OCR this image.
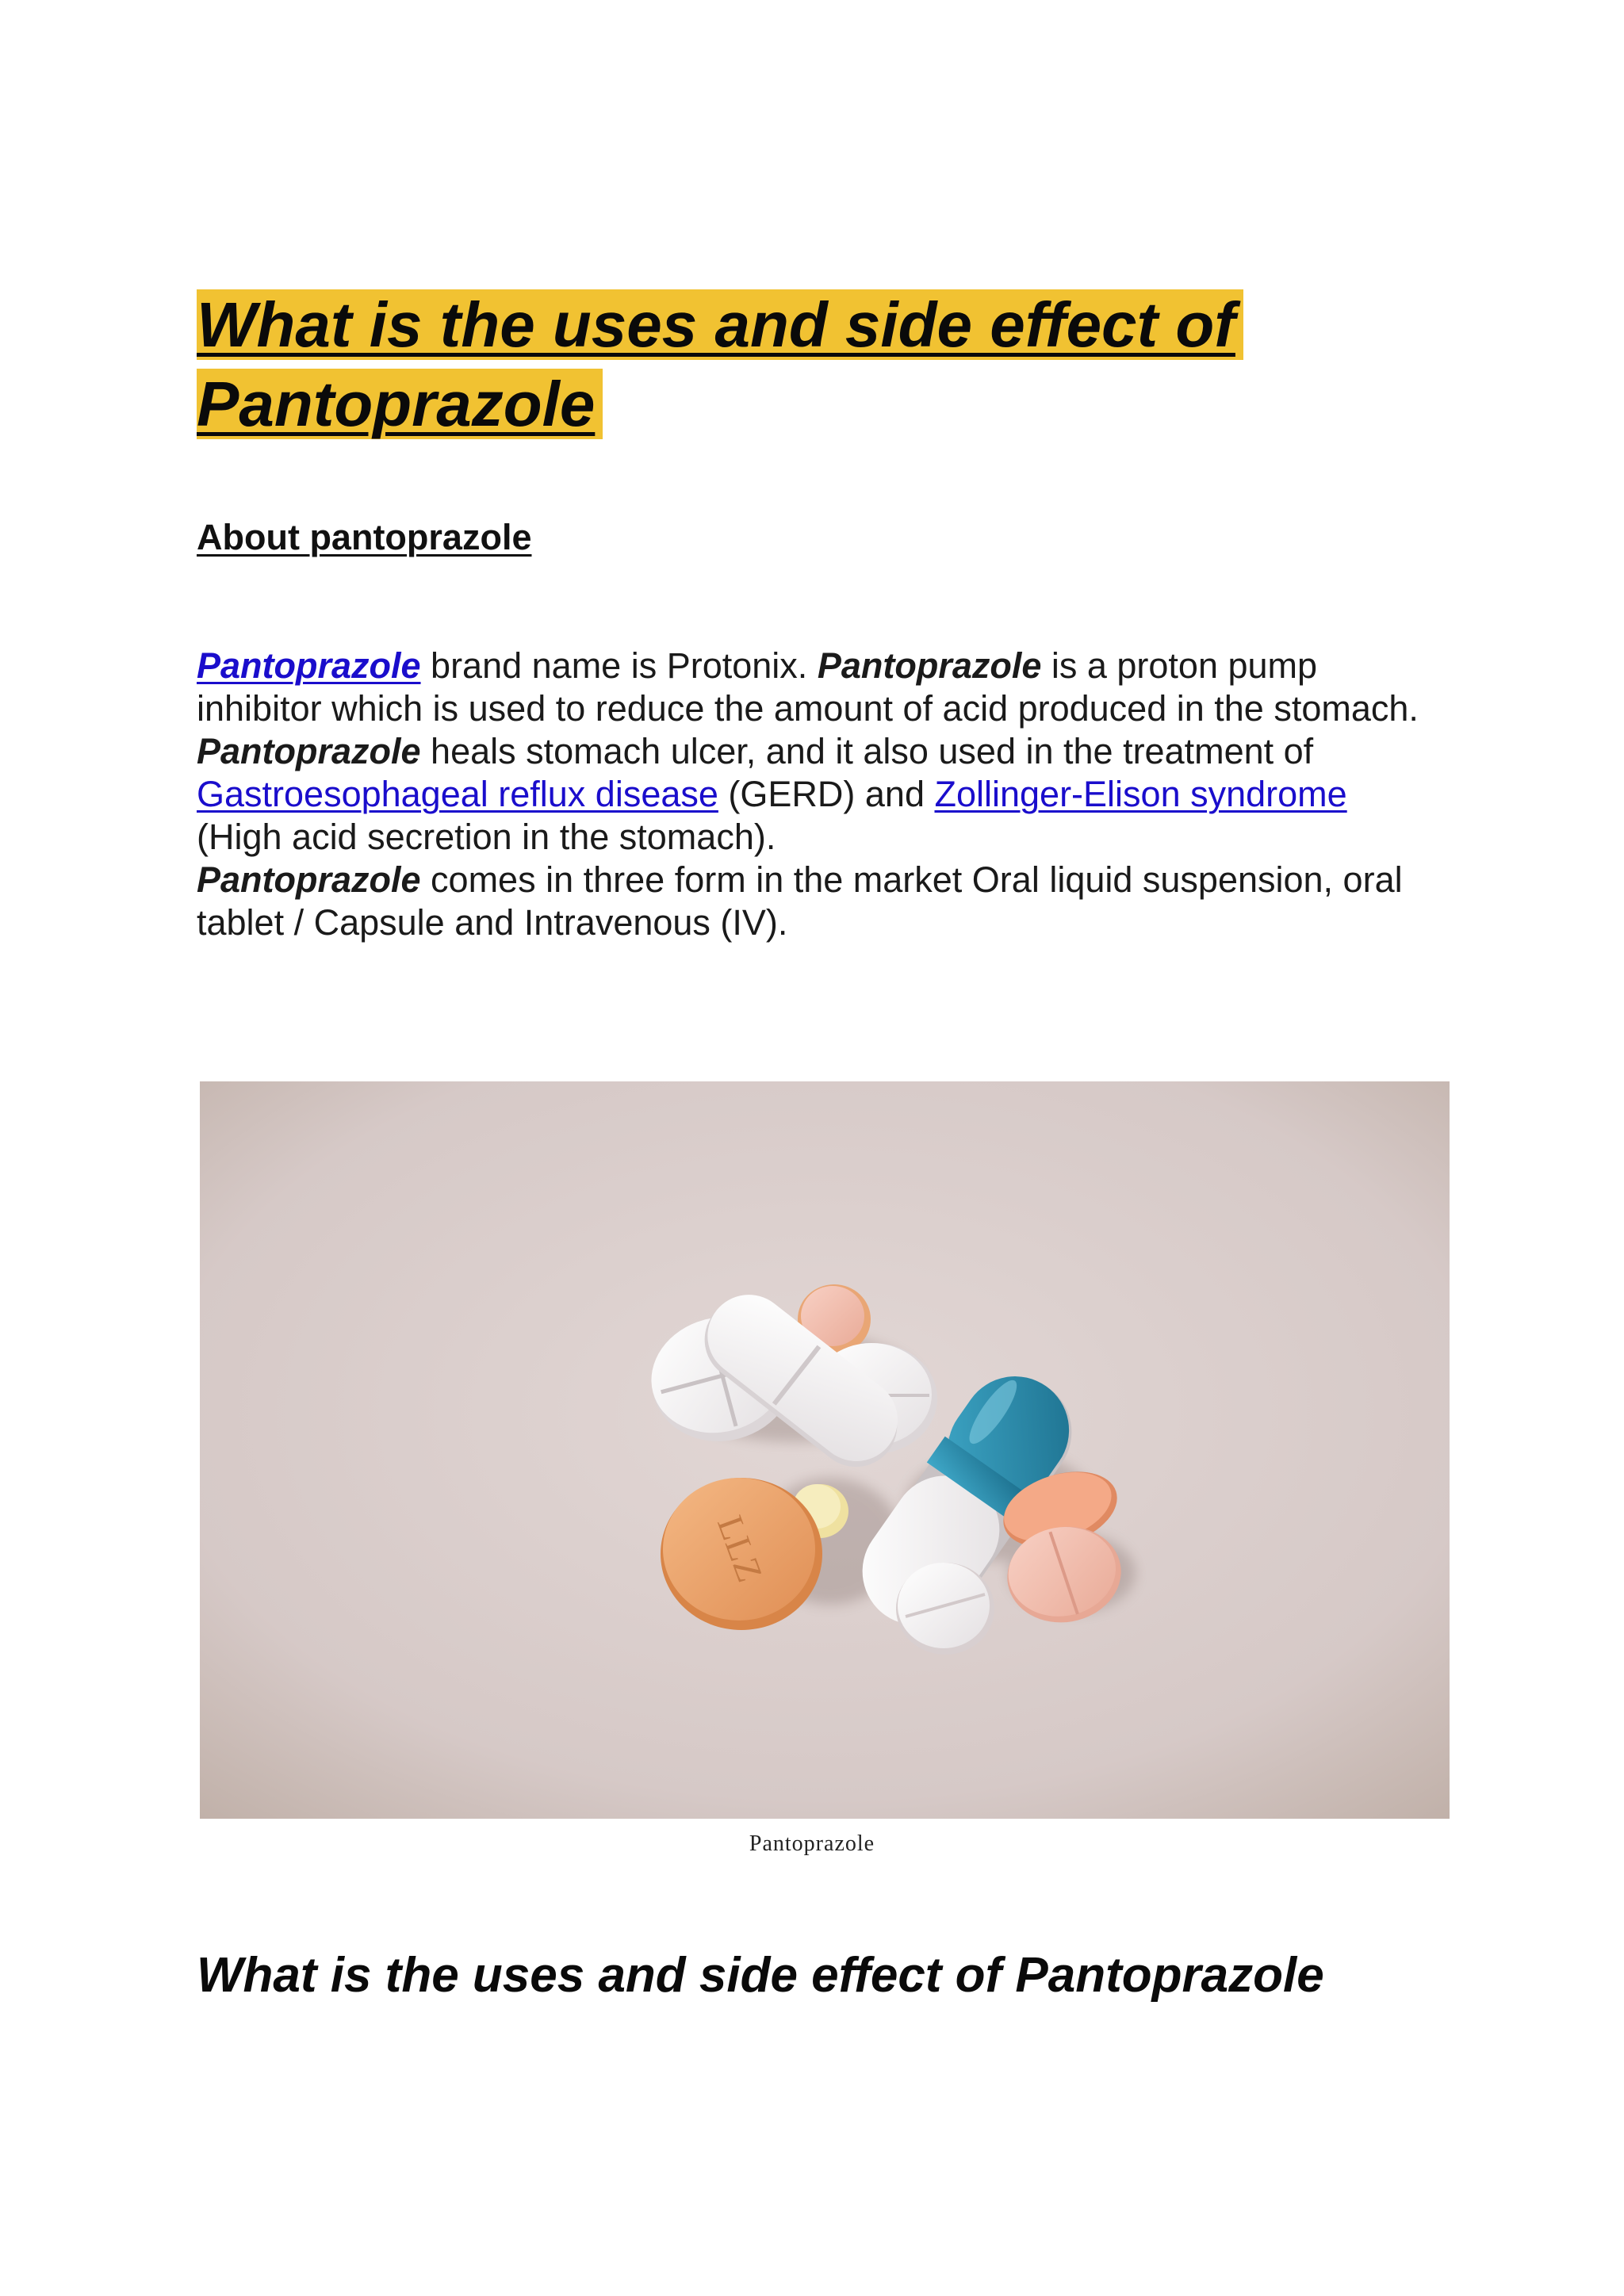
What is the uses and side effect of Pantoprazole
About pantoprazole

Pantoprazole brand name is Protonix. Pantoprazole is a proton pump inhibitor which is used to reduce the amount of acid produced in the stomach.

Pantoprazole heals stomach ulcer, and it also used in the treatment of Gastroesophageal reflux disease (GERD) and Zollinger-Elison syndrome (High acid secretion in the stomach).

Pantoprazole comes in three form in the market Oral liquid suspension, oral tablet / Capsule and Intravenous (IV).

LLZ
Pantoprazole
What is the uses and side effect of Pantoprazole
